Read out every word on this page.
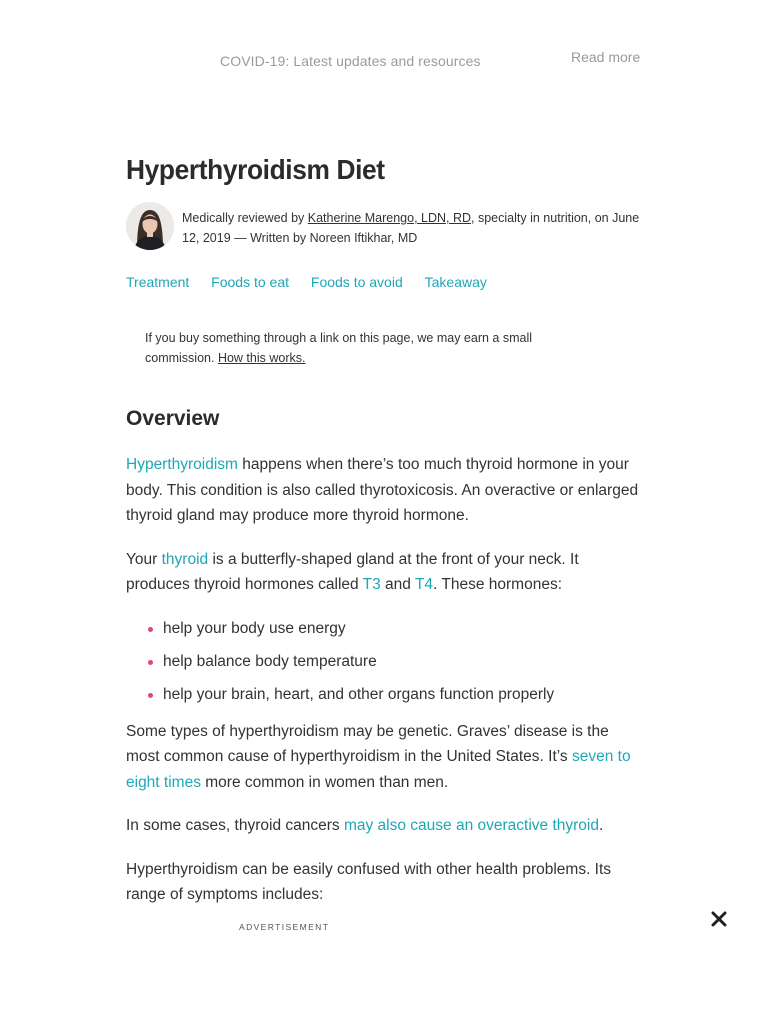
COVID-19: Latest updates and resources	Read more
Hyperthyroidism Diet
Medically reviewed by Katherine Marengo, LDN, RD, specialty in nutrition, on June 12, 2019 — Written by Noreen Iftikhar, MD
Treatment Foods to eat Foods to avoid Takeaway

If you buy something through a link on this page, we may earn a small commission. How this works.

Overview

Hyperthyroidism happens when there’s too much thyroid hormone in your body. This condition is also called thyrotoxicosis. An overactive or enlarged thyroid gland may produce more thyroid hormone.

Your thyroid is a butterfly-shaped gland at the front of your neck. It produces thyroid hormones called T3 and T4. These hormones:

help your body use energy
help balance body temperature
help your brain, heart, and other organs function properly

Some types of hyperthyroidism may be genetic. Graves’ disease is the most common cause of hyperthyroidism in the United States. It’s seven to eight times more common in women than men.

In some cases, thyroid cancers may also cause an overactive thyroid.

Hyperthyroidism can be easily confused with other health problems. Its range of symptoms includes:

ADVERTISEMENT
